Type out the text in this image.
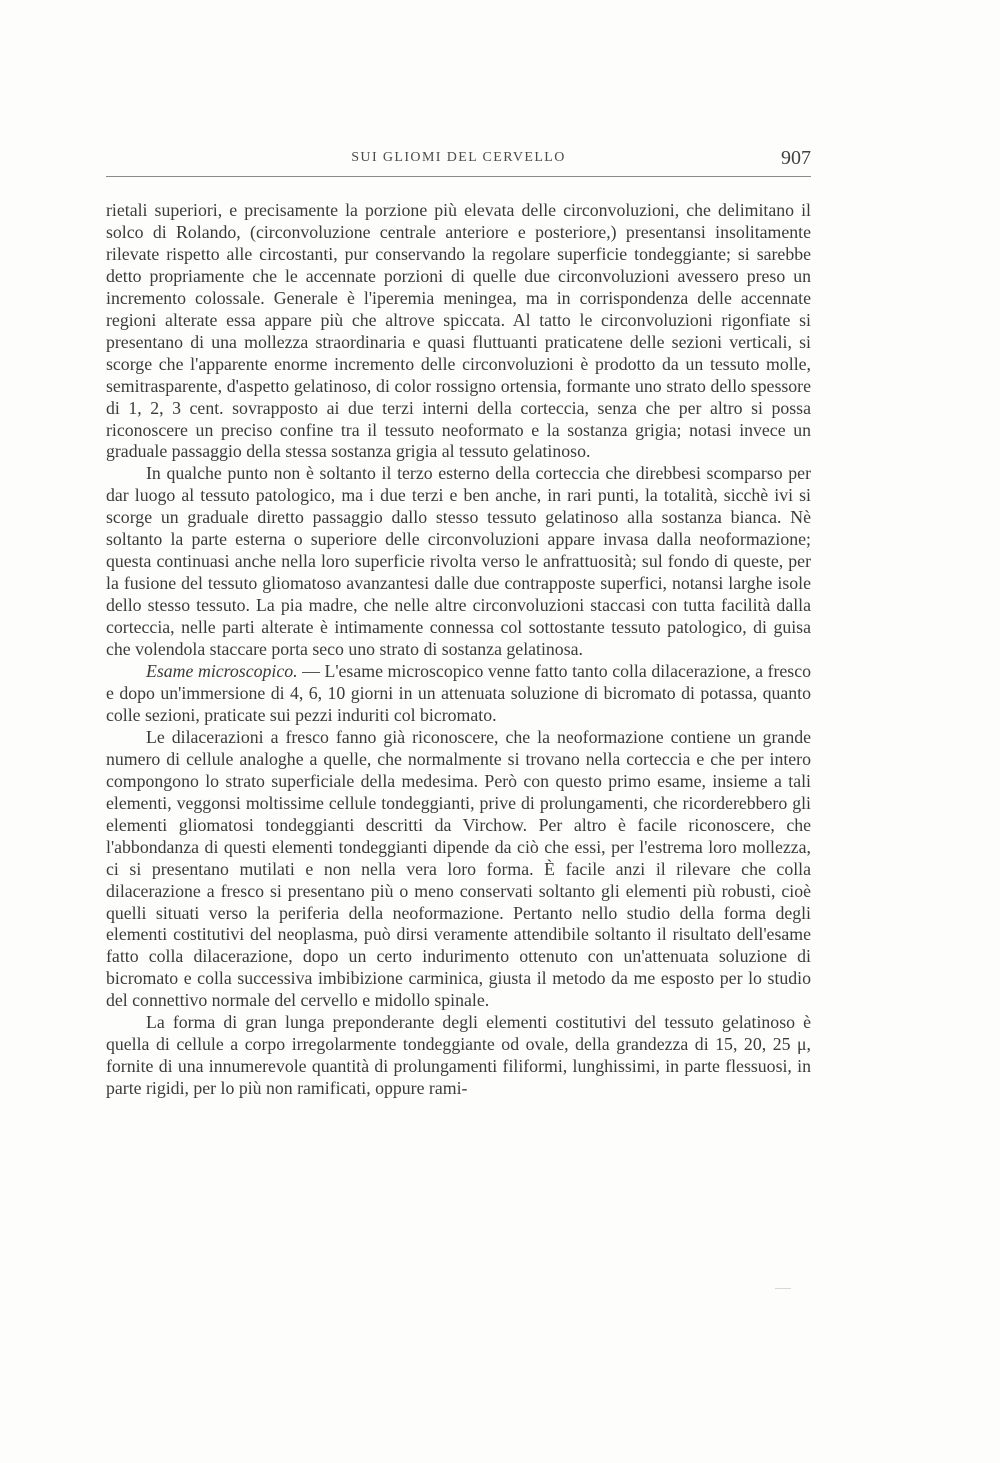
SUI GLIOMI DEL CERVELLO	907

rietali superiori, e precisamente la porzione più elevata delle circonvoluzioni, che delimitano il solco di Rolando, (circonvoluzione centrale anteriore e posteriore,) presentansi insolitamente rilevate rispetto alle circostanti, pur conservando la regolare superficie tondeggiante; si sarebbe detto propriamente che le accennate porzioni di quelle due circonvoluzioni avessero preso un incremento colossale. Generale è l'iperemia meningea, ma in corrispondenza delle accennate regioni alterate essa appare più che altrove spiccata. Al tatto le circonvoluzioni rigonfiate si presentano di una mollezza straordinaria e quasi fluttuanti praticatene delle sezioni verticali, si scorge che l'apparente enorme incremento delle circonvoluzioni è prodotto da un tessuto molle, semitrasparente, d'aspetto gelatinoso, di color rossigno ortensia, formante uno strato dello spessore di 1, 2, 3 cent. sovrapposto ai due terzi interni della corteccia, senza che per altro si possa riconoscere un preciso confine tra il tessuto neoformato e la sostanza grigia; notasi invece un graduale passaggio della stessa sostanza grigia al tessuto gelatinoso.

In qualche punto non è soltanto il terzo esterno della corteccia che direbbesi scomparso per dar luogo al tessuto patologico, ma i due terzi e ben anche, in rari punti, la totalità, sicchè ivi si scorge un graduale diretto passaggio dallo stesso tessuto gelatinoso alla sostanza bianca. Nè soltanto la parte esterna o superiore delle circonvoluzioni appare invasa dalla neoformazione; questa continuasi anche nella loro superficie rivolta verso le anfrattuosità; sul fondo di queste, per la fusione del tessuto gliomatoso avanzantesi dalle due contrapposte superfici, notansi larghe isole dello stesso tessuto. La pia madre, che nelle altre circonvoluzioni staccasi con tutta facilità dalla corteccia, nelle parti alterate è intimamente connessa col sottostante tessuto patologico, di guisa che volendola staccare porta seco uno strato di sostanza gelatinosa.

Esame microscopico. — L'esame microscopico venne fatto tanto colla dilacerazione, a fresco e dopo un'immersione di 4, 6, 10 giorni in un attenuata soluzione di bicromato di potassa, quanto colle sezioni, praticate sui pezzi induriti col bicromato.

Le dilacerazioni a fresco fanno già riconoscere, che la neoformazione contiene un grande numero di cellule analoghe a quelle, che normalmente si trovano nella corteccia e che per intero compongono lo strato superficiale della medesima. Però con questo primo esame, insieme a tali elementi, veggonsi moltissime cellule tondeggianti, prive di prolungamenti, che ricorderebbero gli elementi gliomatosi tondeggianti descritti da Virchow. Per altro è facile riconoscere, che l'abbondanza di questi elementi tondeggianti dipende da ciò che essi, per l'estrema loro mollezza, ci si presentano mutilati e non nella vera loro forma. È facile anzi il rilevare che colla dilacerazione a fresco si presentano più o meno conservati soltanto gli elementi più robusti, cioè quelli situati verso la periferia della neoformazione. Pertanto nello studio della forma degli elementi costitutivi del neoplasma, può dirsi veramente attendibile soltanto il risultato dell'esame fatto colla dilacerazione, dopo un certo indurimento ottenuto con un'attenuata soluzione di bicromato e colla successiva imbibizione carminica, giusta il metodo da me esposto per lo studio del connettivo normale del cervello e midollo spinale.

La forma di gran lunga preponderante degli elementi costitutivi del tessuto gelatinoso è quella di cellule a corpo irregolarmente tondeggiante od ovale, della grandezza di 15, 20, 25 μ, fornite di una innumerevole quantità di prolungamenti filiformi, lunghissimi, in parte flessuosi, in parte rigidi, per lo più non ramificati, oppure rami-
